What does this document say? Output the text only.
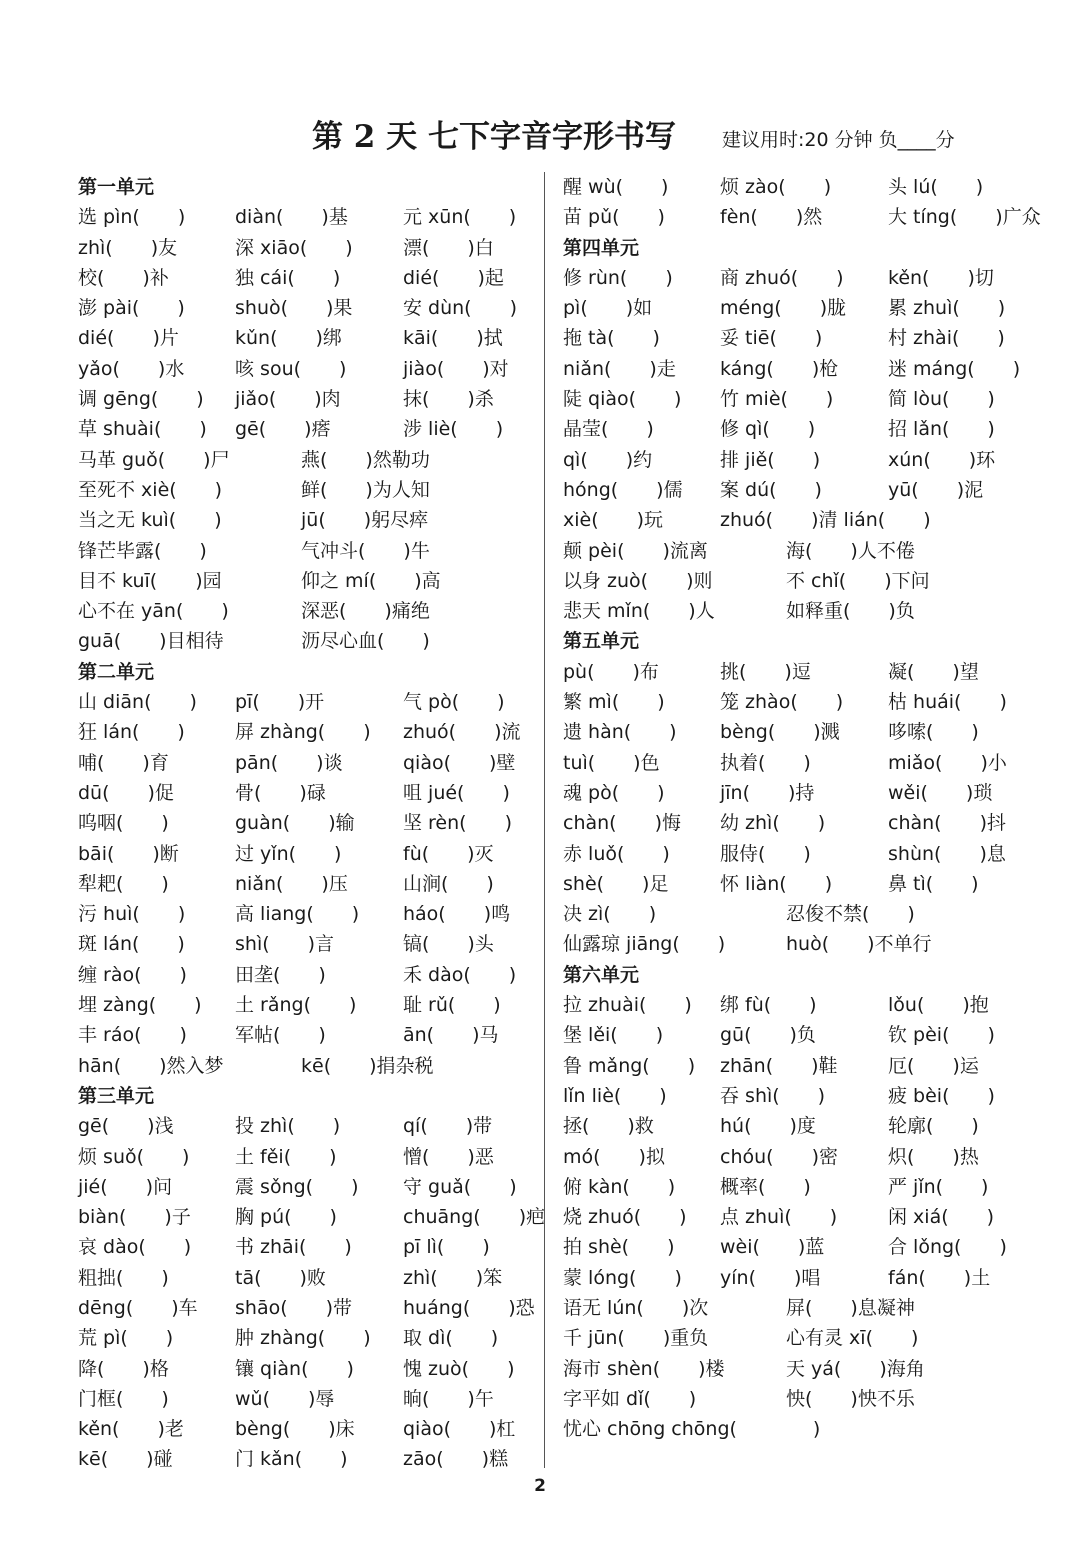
第 2 天 七下字音字形书写 建议用时:20 分钟 负____分
第一单元
选 pìn(　　)	diàn(　　)基	元 xūn(　　)
zhì(　　)友	深 xiāo(　　)	漂(　　)白
校(　　)补	独 cái(　　)	dié(　　)起
澎 pài(　　)	shuò(　　)果	安 dùn(　　)
dié(　　)片	kǔn(　　)绑	kāi(　　)拭
yǎo(　　)水	咳 sou(　　)	jiào(　　)对
调 gēng(　　) jiǎo(　　)肉	抹(　　)杀
草 shuài(　　) gē(　　)瘩	涉 liè(　　)
马革 guǒ(　　)尸	燕(　　)然勒功
至死不 xiè(　　)	鲜(　　)为人知
当之无 kuì(　　)	jū(　　)躬尽瘁
锋芒毕露(　　)	气冲斗(　　)牛
目不 kuī(　　)园	仰之 mí(　　)高
心不在 yān(　　)	深恶(　　)痛绝
guā(　　)目相待	沥尽心血(　　)
第二单元
山 diān(　　) pī(　　)开	气 pò(　　)
狂 lán(　　)	屏 zhàng(　　) zhuó(　　)流
哺(　　)育	pān(　　)谈	qiào(　　)壁
dū(　　)促	骨(　　)碌	咀 jué(　　)
呜咽(　　)	guàn(　　)输	坚 rèn(　　)
bāi(　　)断	过 yǐn(　　)	fù(　　)灭
犁耙(　　)	niǎn(　　)压	山涧(　　)
污 huì(　　)	高 liang(　　) háo(　　)鸣
斑 lán(　　)	shì(　　)言	镐(　　)头
缠 rào(　　)	田垄(　　)	禾 dào(　　)
埋 zàng(　　) 土 rǎng(　　) 耻 rǔ(　　)
丰 ráo(　　)	军帖(　　)	ān(　　)马
hān(　　)然入梦	kē(　　)捐杂税
第三单元
gē(　　)浅	投 zhì(　　)	qí(　　)带
烦 suǒ(　　) 土 fěi(　　)	憎(　　)恶
jié(　　)问	震 sǒng(　　) 守 guǎ(　　)
biàn(　　)子 胸 pú(　　)	chuāng(　　)疤
哀 dào(　　) 书 zhāi(　　)	pī lì(　　)
粗拙(　　)	tā(　　)败	zhì(　　)笨
dēng(　　)车 shāo(　　)带	huáng(　　)恐
荒 pì(　　)	肿 zhàng(　　) 取 dì(　　)
降(　　)格	镶 qiàn(　　)	愧 zuò(　　)
门框(　　)	wǔ(　　)辱	晌(　　)午
kěn(　　)老	bèng(　　)床	qiào(　　)杠
kē(　　)碰	门 kǎn(　　)	zāo(　　)糕
醒 wù(　　)	烦 zào(　　)	头 lú(　　)
苗 pǔ(　　)	fèn(　　)然	大 tíng(　　)广众
第四单元
修 rùn(　　) 商 zhuó(　　) kěn(　　)切
pì(　　)如	méng(　　)胧 累 zhuì(　　)
拖 tà(　　)	妥 tiē(　　)	村 zhài(　　)
niǎn(　　)走 káng(　　)枪	迷 máng(　　)
陡 qiào(　　) 竹 miè(　　)	简 lòu(　　)
晶莹(　　)	修 qì(　　)	招 lǎn(　　)
qì(　　)约	排 jiě(　　)	xún(　　)环
hóng(　　)儒 案 dú(　　)	yū(　　)泥
xiè(　　)玩	zhuó(　　)清 lián(　　)
颠 pèi(　　)流离	海(　　)人不倦
以身 zuò(　　)则	不 chǐ(　　)下问
悲天 mǐn(　　)人	如释重(　　)负
第五单元
pù(　　)布	挑(　　)逗	凝(　　)望
繁 mì(　　)	笼 zhào(　　) 枯 huái(　　)
遗 hàn(　　) bèng(　　)溅	哆嗦(　　)
tuì(　　)色	执着(　　)	miǎo(　　)小
魂 pò(　　)	jīn(　　)持	wěi(　　)琐
chàn(　　)悔 幼 zhì(　　)	chàn(　　)抖
赤 luǒ(　　)	服侍(　　)	shùn(　　)息
shè(　　)足	怀 liàn(　　)	鼻 tì(　　)
决 zì(　　)	忍俊不禁(　　)
仙露琼 jiāng(　　)	huò(　　)不单行
第六单元
拉 zhuài(　　) 绑 fù(　　)	lǒu(　　)抱
堡 lěi(　　)	gū(　　)负	钦 pèi(　　)
鲁 mǎng(　　) zhān(　　)鞋	厄(　　)运
lǐn liè(　　)	吞 shì(　　)	疲 bèi(　　)
拯(　　)救	hú(　　)度	轮廓(　　)
mó(　　)拟	chóu(　　)密	炽(　　)热
俯 kàn(　　) 概率(　　)	严 jǐn(　　)
烧 zhuó(　　) 点 zhuì(　　)	闲 xiá(　　)
拍 shè(　　) wèi(　　)蓝	合 lǒng(　　)
蒙 lóng(　　) yín(　　)唱	fán(　　)土
语无 lún(　　)次	屏(　　)息凝神
千 jūn(　　)重负	心有灵 xī(　　)
海市 shèn(　　)楼	天 yá(　　)海角
字平如 dǐ(　　)	怏(　　)怏不乐
忧心 chōng chōng(　　　　)
2
